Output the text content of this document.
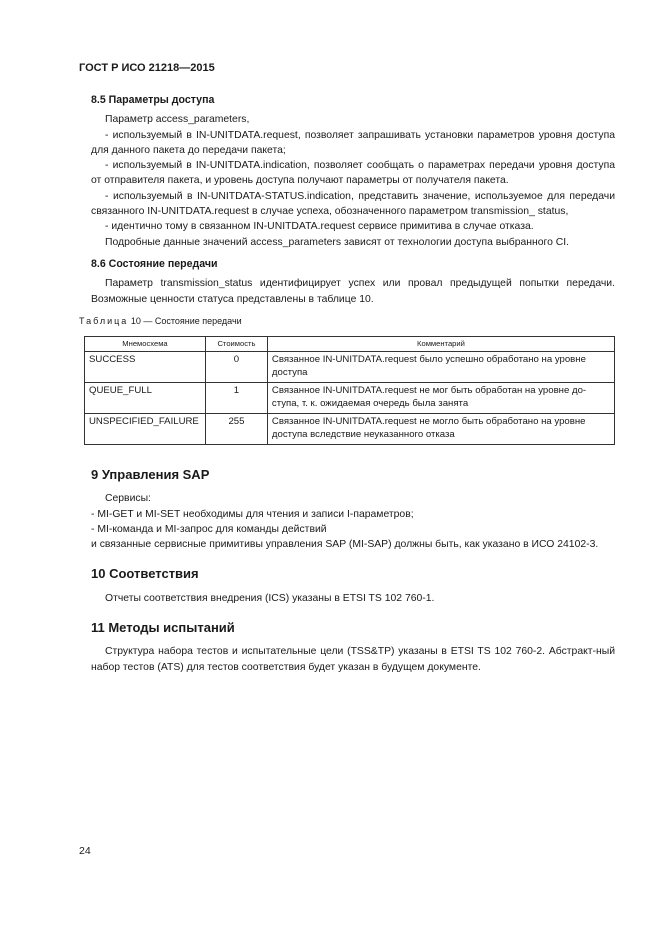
ГОСТ Р ИСО 21218—2015
8.5 Параметры доступа

Параметр access_parameters,

- используемый в IN-UNITDATA.request, позволяет запрашивать установки параметров уровня доступа для данного пакета до передачи пакета;

- используемый в IN-UNITDATA.indication, позволяет сообщать о параметрах передачи уровня доступа от отправителя пакета, и уровень доступа получают параметры от получателя пакета.

- используемый в IN-UNITDATA-STATUS.indication, представить значение, используемое для передачи связанного IN-UNITDATA.request в случае успеха, обозначенного параметром transmission_ status,

- идентично тому в связанном IN-UNITDATA.request сервисе примитива в случае отказа.

Подробные данные значений access_parameters зависят от технологии доступа выбранного CI.

8.6 Состояние передачи

Параметр transmission_status идентифицирует успех или провал предыдущей попытки передачи. Возможные ценности статуса представлены в таблице 10.

Таблица 10 — Состояние передачи
Мнемосхема	Стоимость	Комментарий
SUCCESS	0	Связанное IN-UNITDATA.request было успешно обработано на уровне доступа
QUEUE_FULL	1	Связанное IN-UNITDATA.request не мог быть обработан на уровне до-ступа, т. к. ожидаемая очередь была занята
UNSPECIFIED_FAILURE	255	Связанное IN-UNITDATA.request не могло быть обработано на уровне доступа вследствие неуказанного отказа
9 Управления SAP

Сервисы:

- MI-GET и MI-SET необходимы для чтения и записи I-параметров;

- MI-команда и MI-запрос для команды действий

и связанные сервисные примитивы управления SAP (MI-SAP) должны быть, как указано в ИСО 24102-3.

10 Соответствия

Отчеты соответствия внедрения (ICS) указаны в ETSI TS 102 760-1.

11 Методы испытаний

Структура набора тестов и испытательные цели (TSS&TP) указаны в ETSI TS 102 760-2. Абстракт-ный набор тестов (ATS) для тестов соответствия будет указан в будущем документе.

24
